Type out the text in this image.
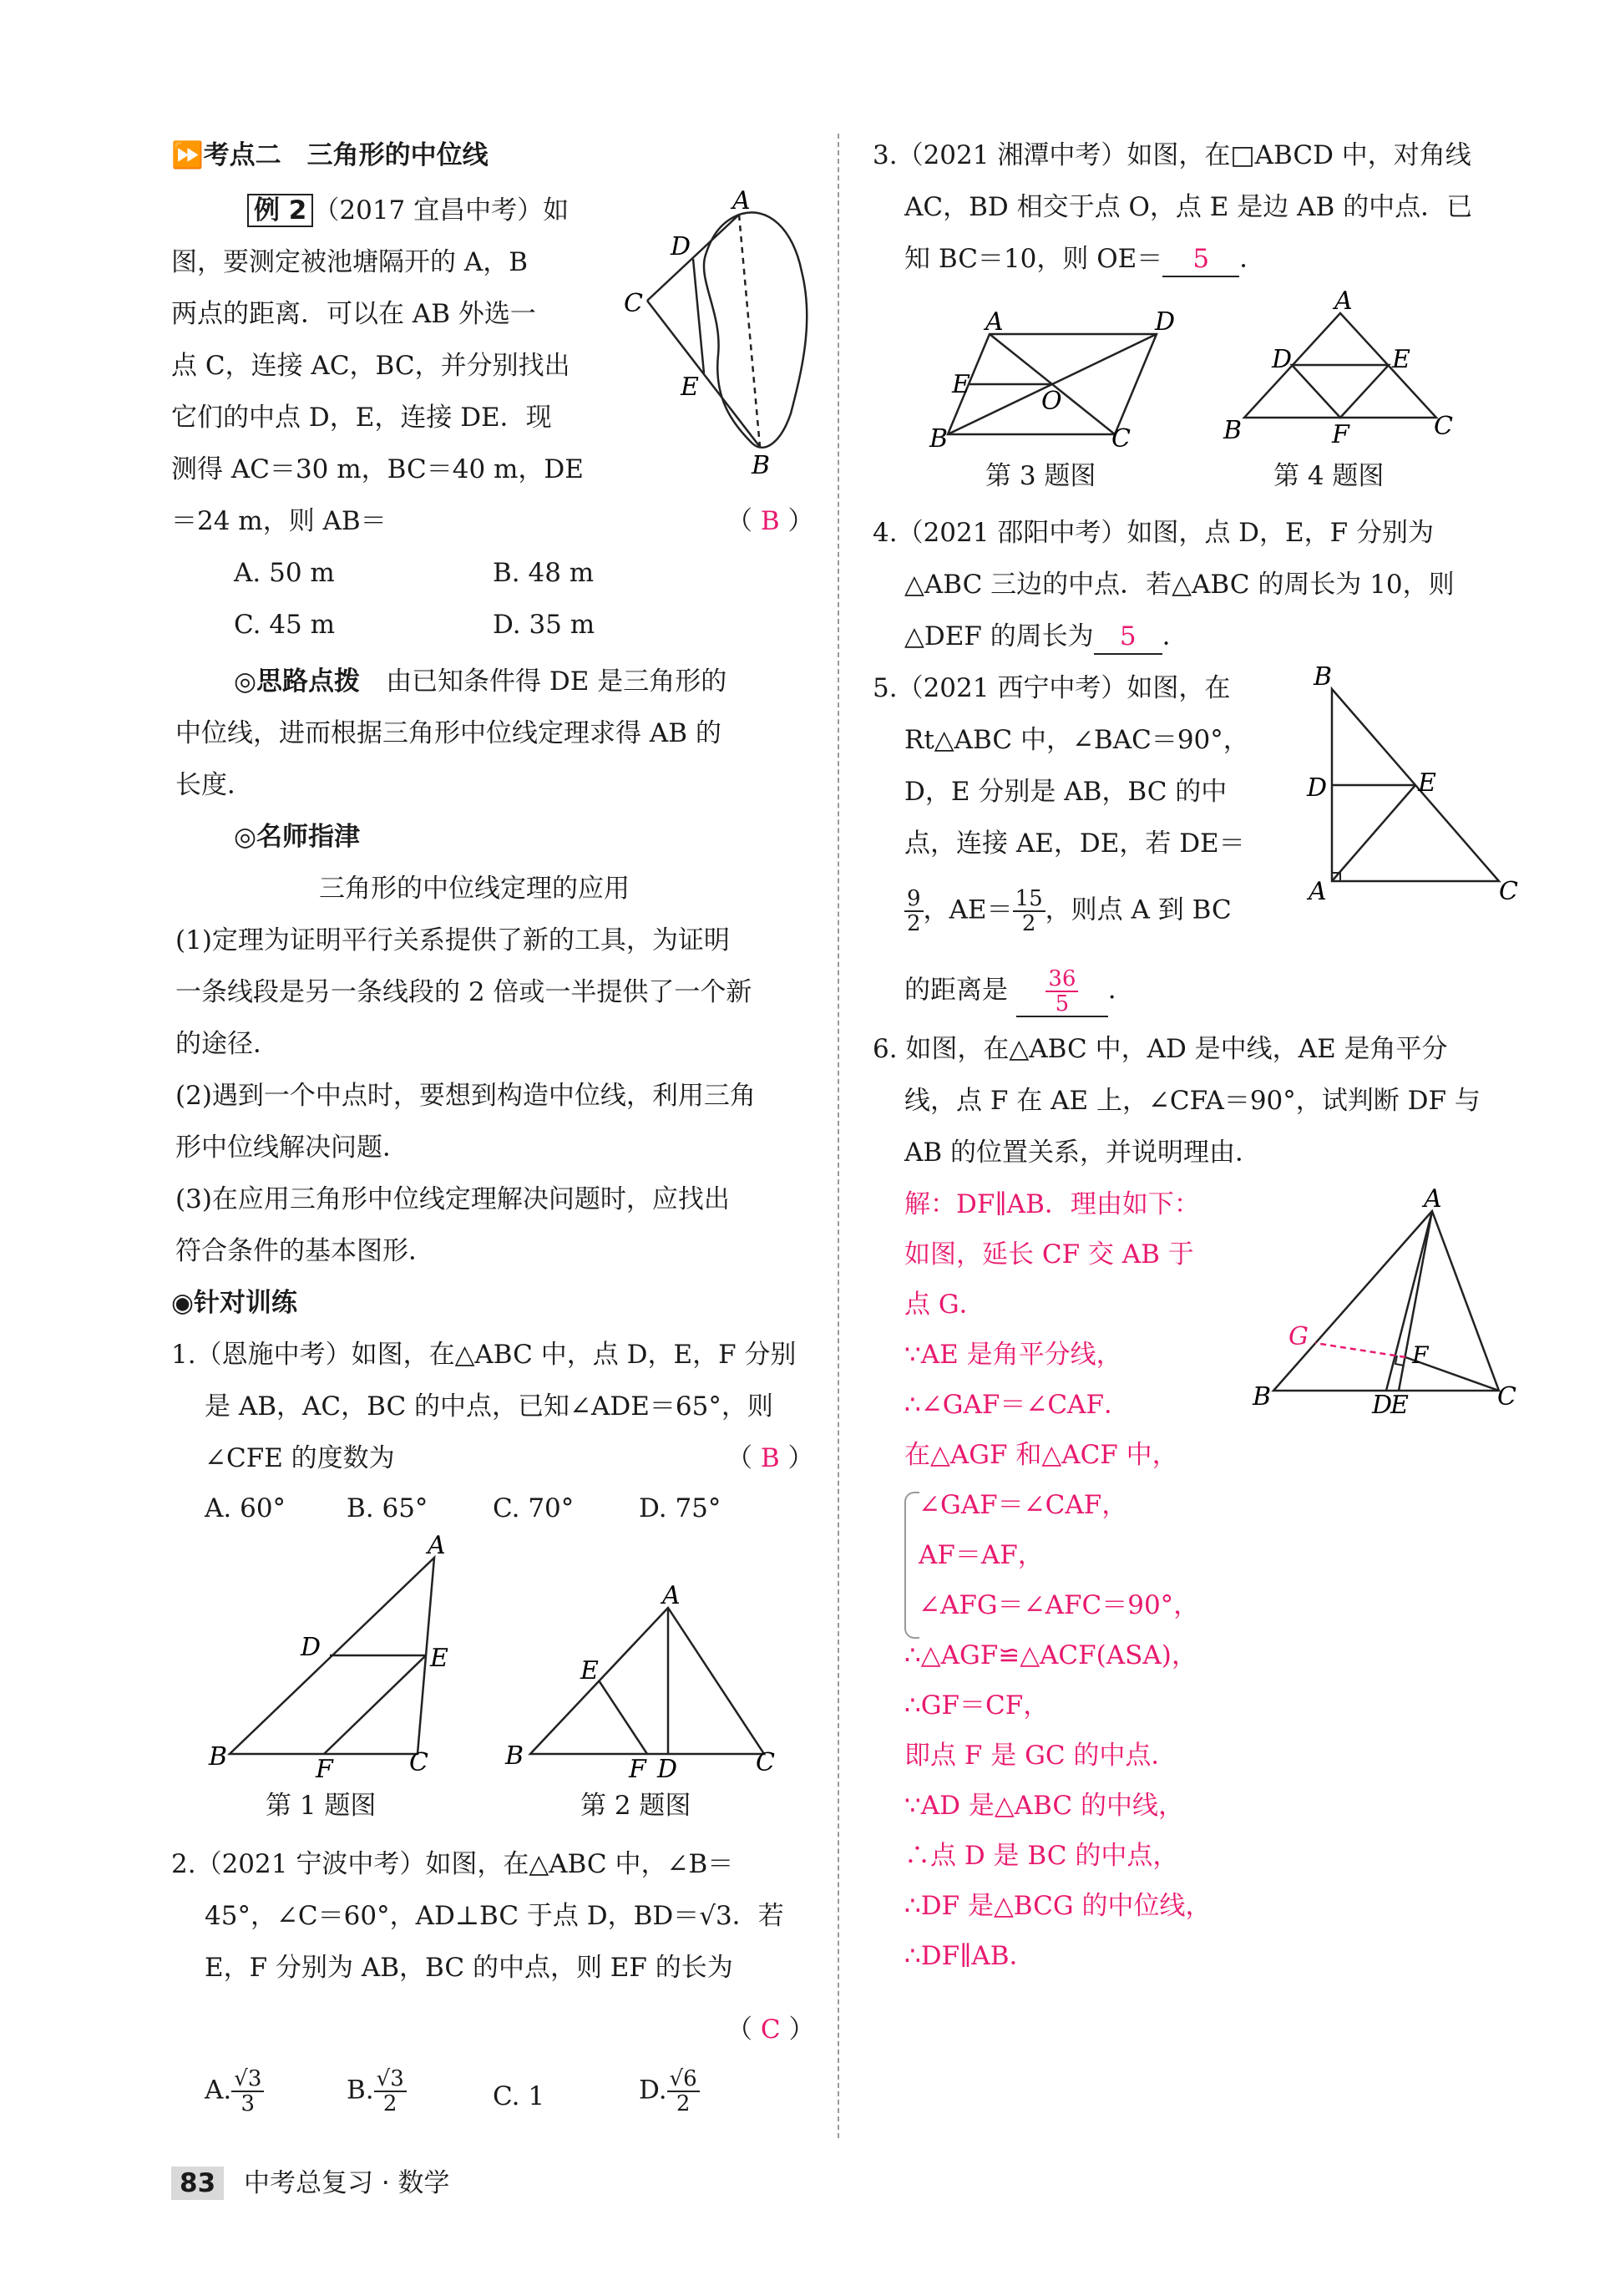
⏩考点二　三角形的中位线
例 2 （2017 宜昌中考）如
图，要测定被池塘隔开的 A，B
两点的距离．可以在 AB 外选一
点 C，连接 AC，BC，并分别找出
它们的中点 D，E，连接 DE．现
测得 AC＝30 m，BC＝40 m，DE
＝24 m，则 AB＝	（ B ）
A
C
D
E
B
A. 50 m	B. 48 m
C. 45 m	D. 35 m
◎思路点拨　 由已知条件得 DE 是三角形的
中位线，进而根据三角形中位线定理求得 AB 的
长度．
◎名师指津
三角形的中位线定理的应用
(1)定理为证明平行关系提供了新的工具，为证明
一条线段是另一条线段的 2 倍或一半提供了一个新
的途径．
(2)遇到一个中点时，要想到构造中位线，利用三角
形中位线解决问题．
(3)在应用三角形中位线定理解决问题时，应找出
符合条件的基本图形．
◉针对训练
1.（恩施中考）如图，在△ABC 中，点 D，E，F 分别
是 AB，AC，BC 的中点，已知∠ADE＝65°，则
∠CFE 的度数为	（ B ）
A. 60° B. 65°	C. 70°	D. 75°
A
D	E
B	F	C
第 1 题图
A
E
B	F D	C
第 2 题图
2.（2021 宁波中考）如图，在△ABC 中，∠B＝
45°，∠C＝60°，AD⊥BC 于点 D，BD＝√3．若
E，F 分别为 AB，BC 的中点，则 EF 的长为
（ C ）
A. $\frac{√3}{3}$	B. $\frac{√3}{2}$	C. 1	D. $\frac{√6}{2}$
83 中考总复习 · 数学
3.（2021 湘潭中考）如图，在□ABCD 中，对角线
AC，BD 相交于点 O，点 E 是边 AB 的中点．已
知 BC＝10，则 OE＝ 5 ．
A	D
E
O
B	C
第 3 题图
A
D	E
B	F	C
第 4 题图
4.（2021 邵阳中考）如图，点 D，E，F 分别为
△ABC 三边的中点．若△ABC 的周长为 10，则
△DEF 的周长为 5 ．
5.（2021 西宁中考）如图，在
Rt△ABC 中，∠BAC＝90°，
D，E 分别是 AB，BC 的中
点，连接 AE，DE，若 DE＝
$\frac{9}{2}$ ，$AE= \frac{15}{2}$ ，则点 A 到 BC
的距离是 $\frac{36}{5}$ ．
B
D	E
A	C
6. 如图，在△ABC 中，AD 是中线，AE 是角平分
线，点 F 在 AE 上，∠CFA＝90°，试判断 DF 与
AB 的位置关系，并说明理由．
A
G
F
B	D
E	C
解：DF∥AB．理由如下：
如图，延长 CF 交 AB 于
点 G．
∵AE 是角平分线，
∴∠GAF＝∠CAF．
在△AGF 和△ACF 中，
∠GAF＝∠CAF，
AF＝AF，
∠AFG＝∠AFC＝90°，
∴△AGF≌△ACF(ASA)，
∴GF＝CF，
即点 F 是 GC 的中点．
∵AD 是△ABC 的中线，
∴点 D 是 BC 的中点，
∴DF 是△BCG 的中位线，
∴DF∥AB．
